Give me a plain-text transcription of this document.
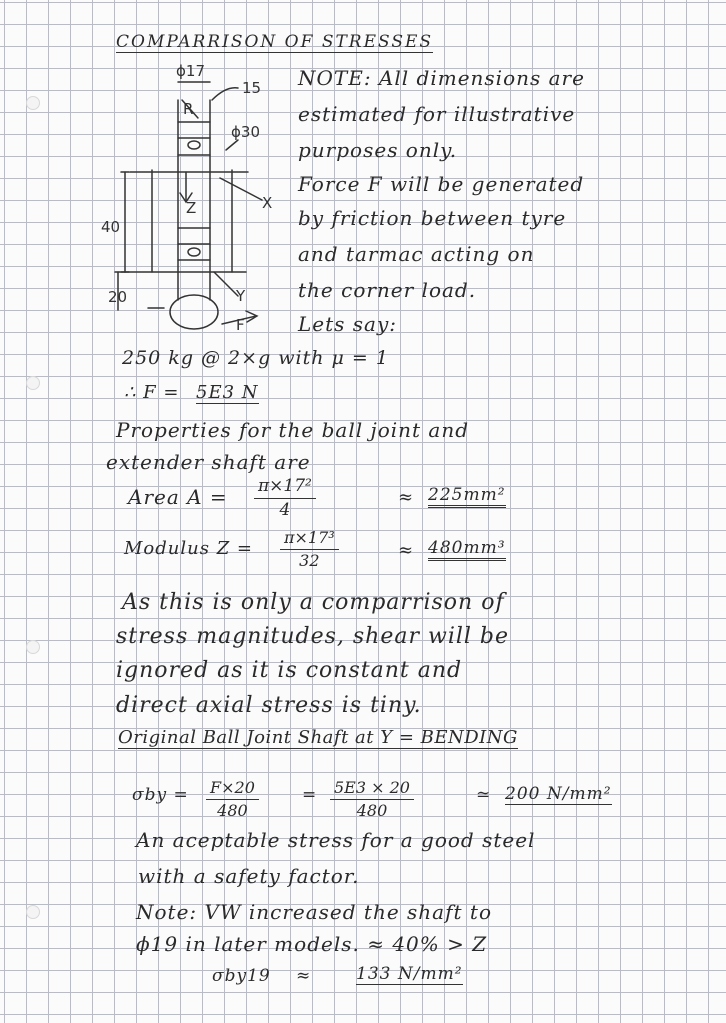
COMPARRISON OF STRESSES
ϕ17
15
ϕ30
R
Z	X
Y
F
40
20
NOTE: All dimensions are
estimated for illustrative
purposes only.
Force F will be generated
by friction between tyre
and tarmac acting on
the corner load.
Lets say:
250 kg @ 2×g with μ = 1
∴ F = 5E3 N
Properties for the ball joint and
extender shaft are
Area $A = \frac{\text{π×17²}}{4}$	≈ 225mm²
Modulus $Z = \frac{\text{π×17³}}{32}$	≈ 480mm³
As this is only a comparrison of
stress magnitudes, shear will be
ignored as it is constant and
direct axial stress is tiny.
Original Ball Joint Shaft at Y = BENDING
$\sigma by = \frac{F\times 20}{480}$	= $\frac{5E3 \times 20}{480}$	≃ 200 N/mm²
An aceptable stress for a good steel
with a safety factor.
Note: VW increased the shaft to
ϕ19 in later models. ≈ 40% > Z
σby19 ≈	133 N/mm²
